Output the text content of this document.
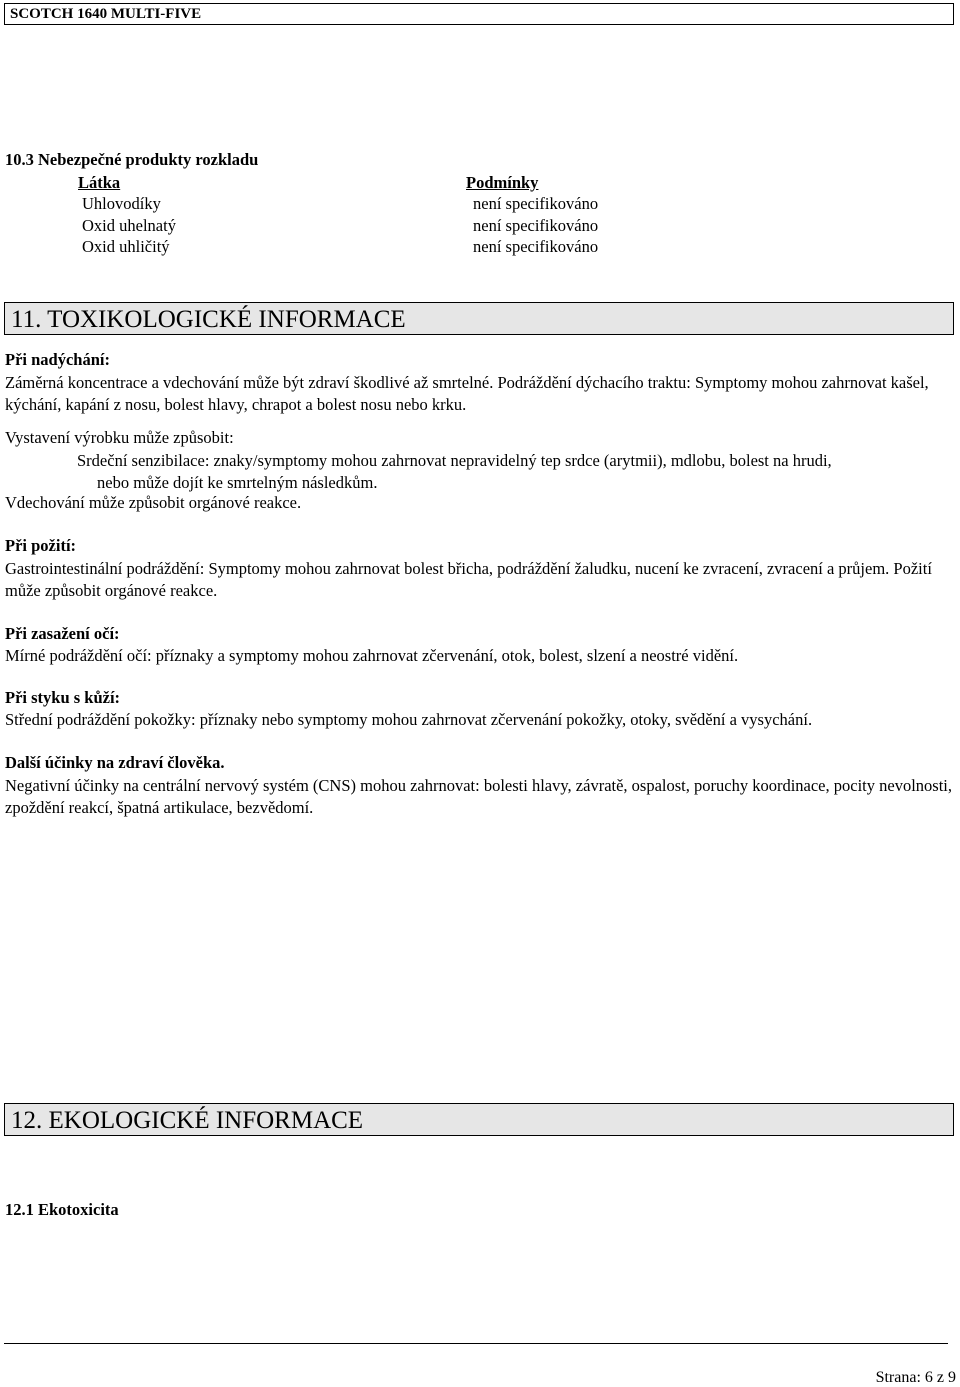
SCOTCH 1640 MULTI-FIVE
10.3 Nebezpečné produkty rozkladu
Látka	Podmínky
Uhlovodíky	není specifikováno
Oxid uhelnatý	není specifikováno
Oxid uhličitý	není specifikováno
11. TOXIKOLOGICKÉ INFORMACE
Při nadýchání:
Záměrná koncentrace a vdechování může být zdraví škodlivé až smrtelné. Podráždění dýchacího traktu: Symptomy mohou zahrnovat kašel, kýchání, kapání z nosu, bolest hlavy, chrapot a bolest nosu nebo krku.
Vystavení výrobku může způsobit:
Srdeční senzibilace: znaky/symptomy mohou zahrnovat nepravidelný tep srdce (arytmii), mdlobu, bolest na hrudi,
nebo může dojít ke smrtelným následkům.
Vdechování může způsobit orgánové reakce.
Při požití:
Gastrointestinální podráždění: Symptomy mohou zahrnovat bolest břicha, podráždění žaludku, nucení ke zvracení, zvracení a průjem. Požití může způsobit orgánové reakce.
Při zasažení očí:
Mírné podráždění očí: příznaky a symptomy mohou zahrnovat zčervenání, otok, bolest, slzení a neostré vidění.
Při styku s kůží:
Střední podráždění pokožky: příznaky nebo symptomy mohou zahrnovat zčervenání pokožky, otoky, svědění a vysychání.
Další účinky na zdraví člověka.
Negativní účinky na centrální nervový systém (CNS) mohou zahrnovat: bolesti hlavy, závratě, ospalost, poruchy koordinace, pocity nevolnosti, zpoždění reakcí, špatná artikulace, bezvědomí.
12. EKOLOGICKÉ INFORMACE
12.1 Ekotoxicita
Strana: 6 z 9
